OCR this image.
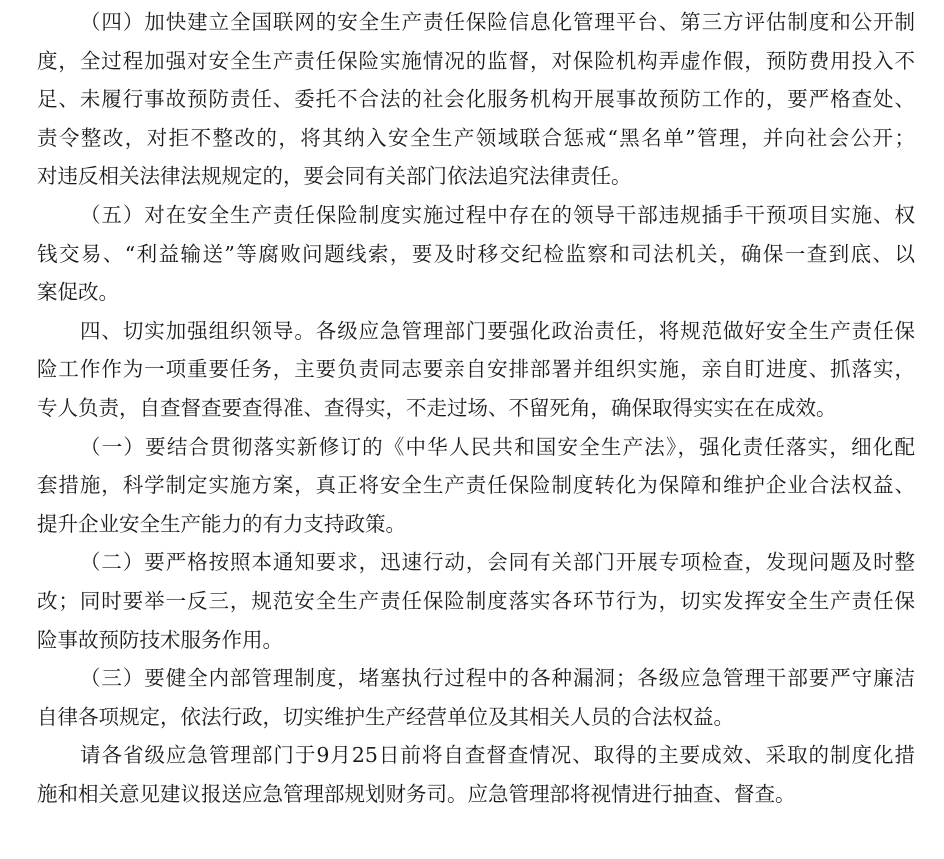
（四）加快建立全国联网的安全生产责任保险信息化管理平台、第三方评估制度和公开制
度，全过程加强对安全生产责任保险实施情况的监督，对保险机构弄虚作假，预防费用投入不
足、未履行事故预防责任、委托不合法的社会化服务机构开展事故预防工作的，要严格查处、
责令整改，对拒不整改的，将其纳入安全生产领域联合惩戒“黑名单”管理，并向社会公开；
对违反相关法律法规规定的，要会同有关部门依法追究法律责任。
（五）对在安全生产责任保险制度实施过程中存在的领导干部违规插手干预项目实施、权
钱交易、“利益输送”等腐败问题线索，要及时移交纪检监察和司法机关，确保一查到底、以
案促改。
四、切实加强组织领导。各级应急管理部门要强化政治责任，将规范做好安全生产责任保
险工作作为一项重要任务，主要负责同志要亲自安排部署并组织实施，亲自盯进度、抓落实，
专人负责，自查督查要查得准、查得实，不走过场、不留死角，确保取得实实在在成效。
（一）要结合贯彻落实新修订的《中华人民共和国安全生产法》，强化责任落实，细化配
套措施，科学制定实施方案，真正将安全生产责任保险制度转化为保障和维护企业合法权益、
提升企业安全生产能力的有力支持政策。
（二）要严格按照本通知要求，迅速行动，会同有关部门开展专项检查，发现问题及时整
改；同时要举一反三，规范安全生产责任保险制度落实各环节行为，切实发挥安全生产责任保
险事故预防技术服务作用。
（三）要健全内部管理制度，堵塞执行过程中的各种漏洞；各级应急管理干部要严守廉洁
自律各项规定，依法行政，切实维护生产经营单位及其相关人员的合法权益。
请各省级应急管理部门于9月25日前将自查督查情况、取得的主要成效、采取的制度化措
施和相关意见建议报送应急管理部规划财务司。应急管理部将视情进行抽查、督查。
